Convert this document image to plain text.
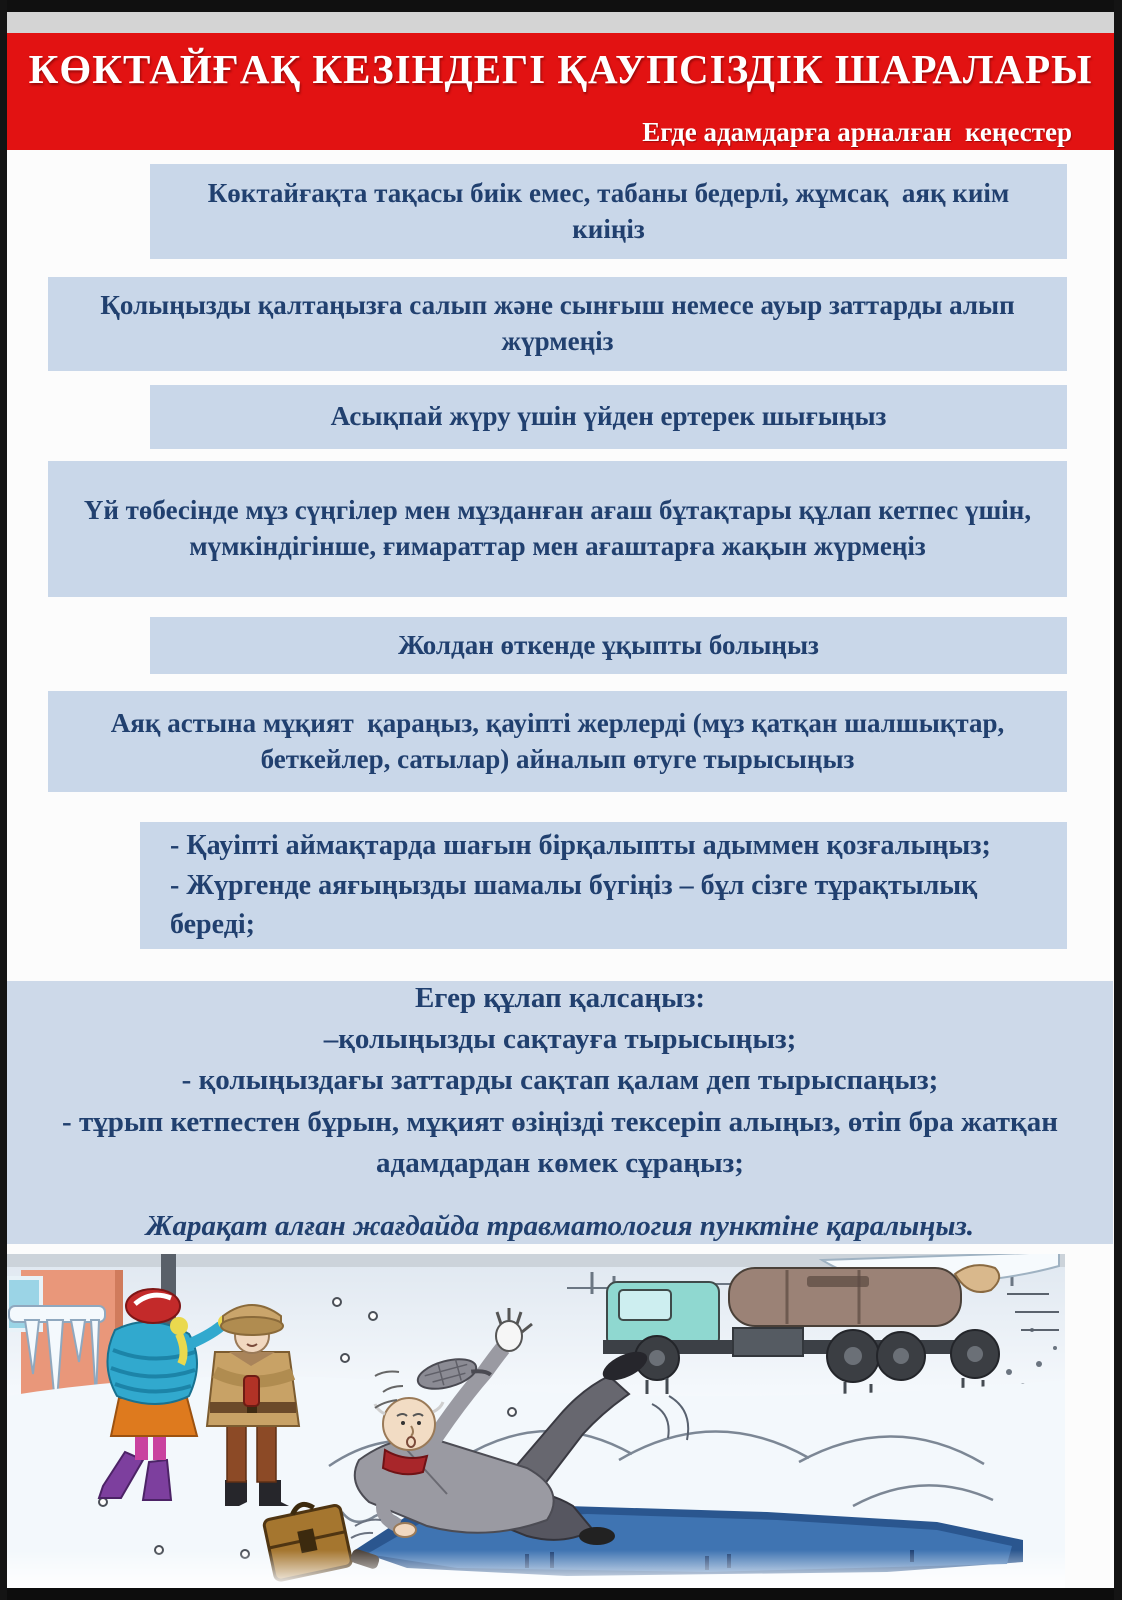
КӨКТАЙҒАҚ КЕЗІНДЕГІ ҚАУПСІЗДІК ШАРАЛАРЫ
Егде адамдарға арналған  кеңестер
Көктайғақта тақасы биік емес, табаны бедерлі, жұмсақ  аяқ киім киіңіз
Қолыңызды қалтаңызға салып және сынғыш немесе ауыр заттарды алып жүрмеңіз
Асықпай жүру үшін үйден ертерек шығыңыз
Үй төбесінде мұз сүңгілер мен мұзданған ағаш бұтақтары құлап кетпес үшін, мүмкіндігінше, ғимараттар мен ағаштарға жақын жүрмеңіз
Жолдан өткенде ұқыпты болыңыз
Аяқ астына мұқият  қараңыз, қауіпті жерлерді (мұз қатқан шалшықтар, беткейлер, сатылар) айналып өтуге тырысыңыз
- Қауіпті аймақтарда шағын бірқалыпты адыммен қозғалыңыз;
- Жүргенде аяғыңызды шамалы бүгіңіз – бұл сізге тұрақтылық береді;
Егер құлап қалсаңыз:
–қолыңызды сақтауға тырысыңыз;
- қолыңыздағы заттарды сақтап қалам деп тырыспаңыз;
- тұрып кетпестен бұрын, мұқият өзіңізді тексеріп алыңыз, өтіп бра жатқан адамдардан көмек сұраңыз;
Жарақат алған жағдайда травматология пунктіне қаралыңыз.
